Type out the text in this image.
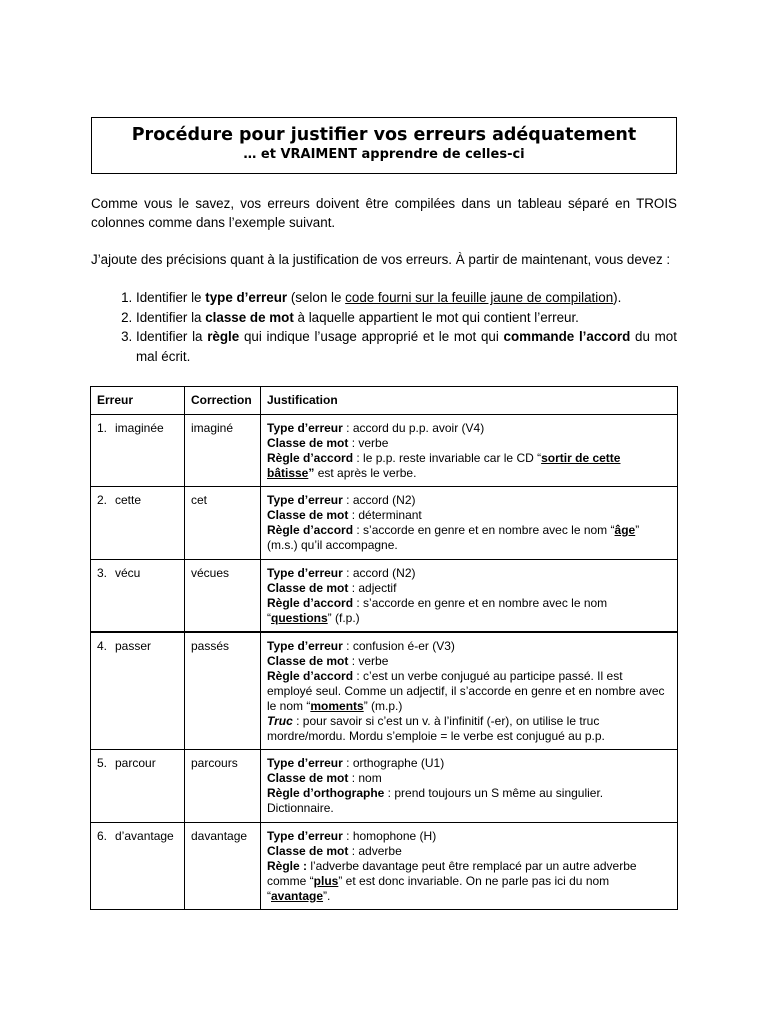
Procédure pour justifier vos erreurs adéquatement
… et VRAIMENT apprendre de celles-ci

Comme vous le savez, vos erreurs doivent être compilées dans un tableau séparé en TROIS colonnes comme dans l’exemple suivant.

J’ajoute des précisions quant à la justification de vos erreurs. À partir de maintenant, vous devez :

1. Identifier le type d’erreur (selon le code fourni sur la feuille jaune de compilation).
2. Identifier la classe de mot à laquelle appartient le mot qui contient l’erreur.
3. Identifier la règle qui indique l’usage approprié et le mot qui commande l’accord du mot mal écrit.
Erreur	Correction	Justification
1. imaginée	imaginé	Type d’erreur : accord du p.p. avoir (V4)
Classe de mot : verbe
Règle d’accord : le p.p. reste invariable car le CD “sortir de cette bâtisse” est après le verbe.

2. cette	cet	Type d’erreur : accord (N2)
Classe de mot : déterminant
Règle d’accord : s’accorde en genre et en nombre avec le nom “âge” (m.s.) qu’il accompagne.

3. vécu	vécues	Type d’erreur : accord (N2)
Classe de mot : adjectif
Règle d’accord : s’accorde en genre et en nombre avec le nom “questions” (f.p.)

4. passer	passés	Type d’erreur : confusion é-er (V3)
Classe de mot : verbe
Règle d’accord : c’est un verbe conjugué au participe passé. Il est employé seul. Comme un adjectif, il s’accorde en genre et en nombre avec le nom “moments” (m.p.)
Truc : pour savoir si c’est un v. à l’infinitif (-er), on utilise le truc mordre/mordu. Mordu s’emploie = le verbe est conjugué au p.p.

5. parcour	parcours	Type d’erreur : orthographe (U1)
Classe de mot : nom
Règle d’orthographe : prend toujours un S même au singulier. Dictionnaire.

6. d’avantage	davantage	Type d’erreur : homophone (H)
Classe de mot : adverbe
Règle : l’adverbe davantage peut être remplacé par un autre adverbe comme “plus” et est donc invariable. On ne parle pas ici du nom “avantage”.
